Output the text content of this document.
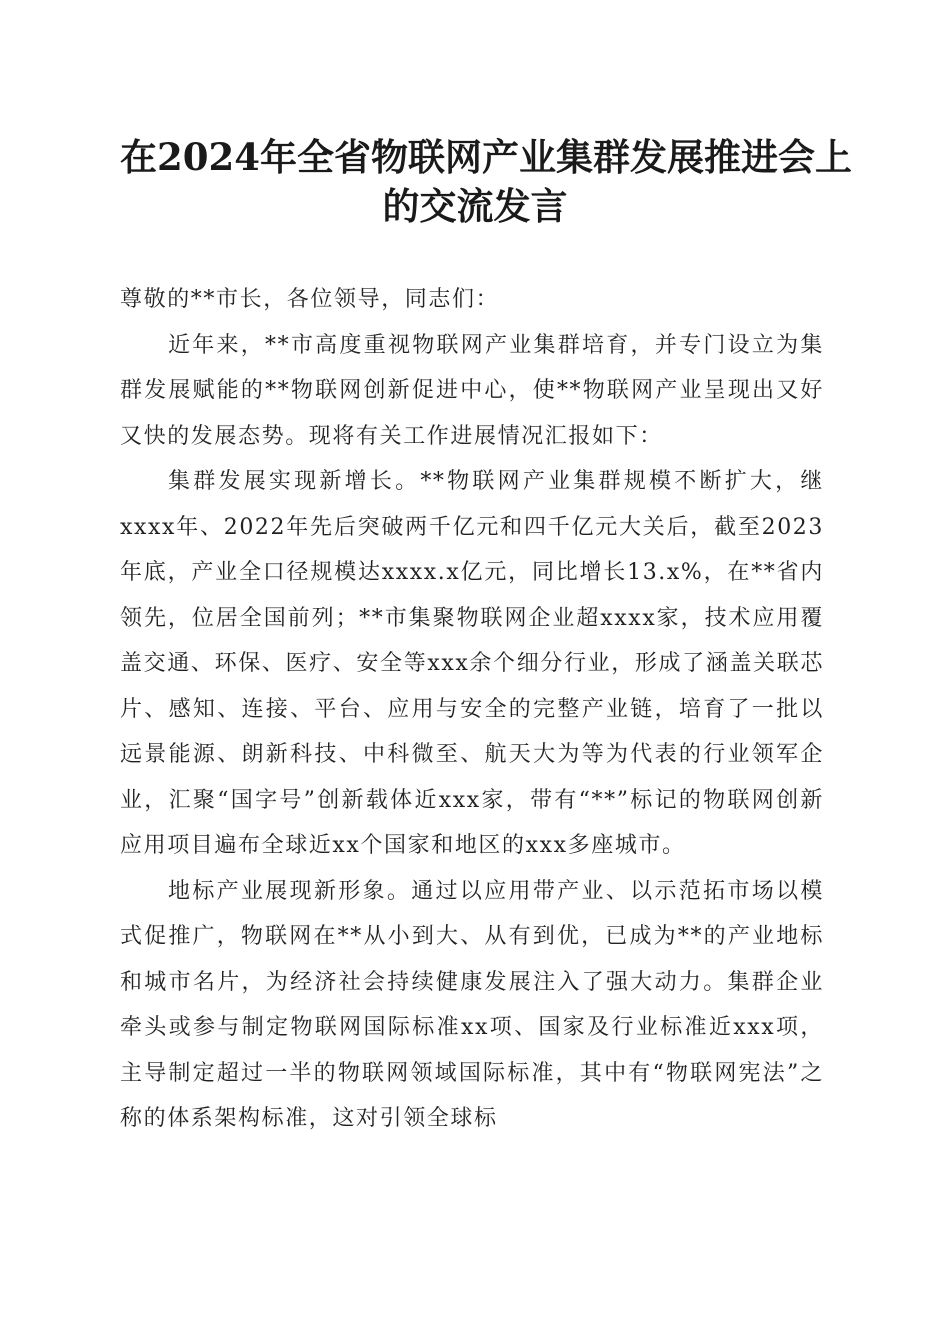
在2024年全省物联网产业集群发展推进会上
的交流发言

尊敬的**市长，各位领导，同志们：

近年来，**市高度重视物联网产业集群培育，并专门设立为集群发展赋能的**物联网创新促进中心，使**物联网产业呈现出又好又快的发展态势。现将有关工作进展情况汇报如下：

集群发展实现新增长。**物联网产业集群规模不断扩大，继xxxx年、2022年先后突破两千亿元和四千亿元大关后，截至2023年底，产业全口径规模达xxxx.x亿元，同比增长13.x%，在**省内领先，位居全国前列；**市集聚物联网企业超xxxx家，技术应用覆盖交通、环保、医疗、安全等xxx余个细分行业，形成了涵盖关联芯片、感知、连接、平台、应用与安全的完整产业链，培育了一批以远景能源、朗新科技、中科微至、航天大为等为代表的行业领军企业，汇聚“国字号”创新载体近xxx家，带有“**”标记的物联网创新应用项目遍布全球近xx个国家和地区的xxx多座城市。

地标产业展现新形象。通过以应用带产业、以示范拓市场以模式促推广，物联网在**从小到大、从有到优，已成为**的产业地标和城市名片，为经济社会持续健康发展注入了强大动力。集群企业牵头或参与制定物联网国际标准xx项、国家及行业标准近xxx项，主导制定超过一半的物联网领域国际标准，其中有“物联网宪法”之称的体系架构标准，这对引领全球标
